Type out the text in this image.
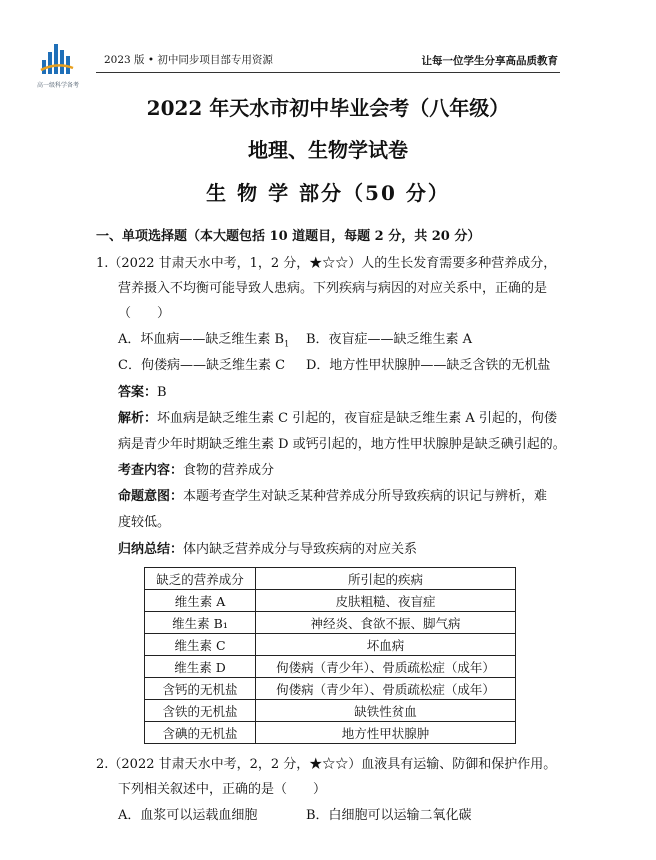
高一级科学备考
2023 版 • 初中同步项目部专用资源	让每一位学生分享高品质教育
2022 年天水市初中毕业会考（八年级）
地理、生物学试卷
生 物 学 部分（50 分）
一、单项选择题（本大题包括 10 道题目，每题 2 分，共 20 分）
1.（2022 甘肃天水中考，1，2 分，★☆☆）人的生长发育需要多种营养成分，
营养摄入不均衡可能导致人患病。下列疾病与病因的对应关系中，正确的是
（　　）
A．坏血病——缺乏维生素 $B_1$ B．夜盲症——缺乏维生素 A
C．佝偻病——缺乏维生素 C D．地方性甲状腺肿——缺乏含铁的无机盐
答案：B
解析：坏血病是缺乏维生素 C 引起的，夜盲症是缺乏维生素 A 引起的，佝偻
病是青少年时期缺乏维生素 D 或钙引起的，地方性甲状腺肿是缺乏碘引起的。
考查内容：食物的营养成分
命题意图：本题考查学生对缺乏某种营养成分所导致疾病的识记与辨析，难
度较低。
归纳总结：体内缺乏营养成分与导致疾病的对应关系
缺乏的营养成分	所引起的疾病
维生素 A	皮肤粗糙、夜盲症
维生素 B₁	神经炎、食欲不振、脚气病
维生素 C	坏血病
维生素 D	佝偻病（青少年）、骨质疏松症（成年）
含钙的无机盐	佝偻病（青少年）、骨质疏松症（成年）
含铁的无机盐	缺铁性贫血
含碘的无机盐	地方性甲状腺肿
2.（2022 甘肃天水中考，2，2 分，★☆☆）血液具有运输、防御和保护作用。
下列相关叙述中，正确的是（　　）
A．血浆可以运载血细胞	B．白细胞可以运输二氧化碳
